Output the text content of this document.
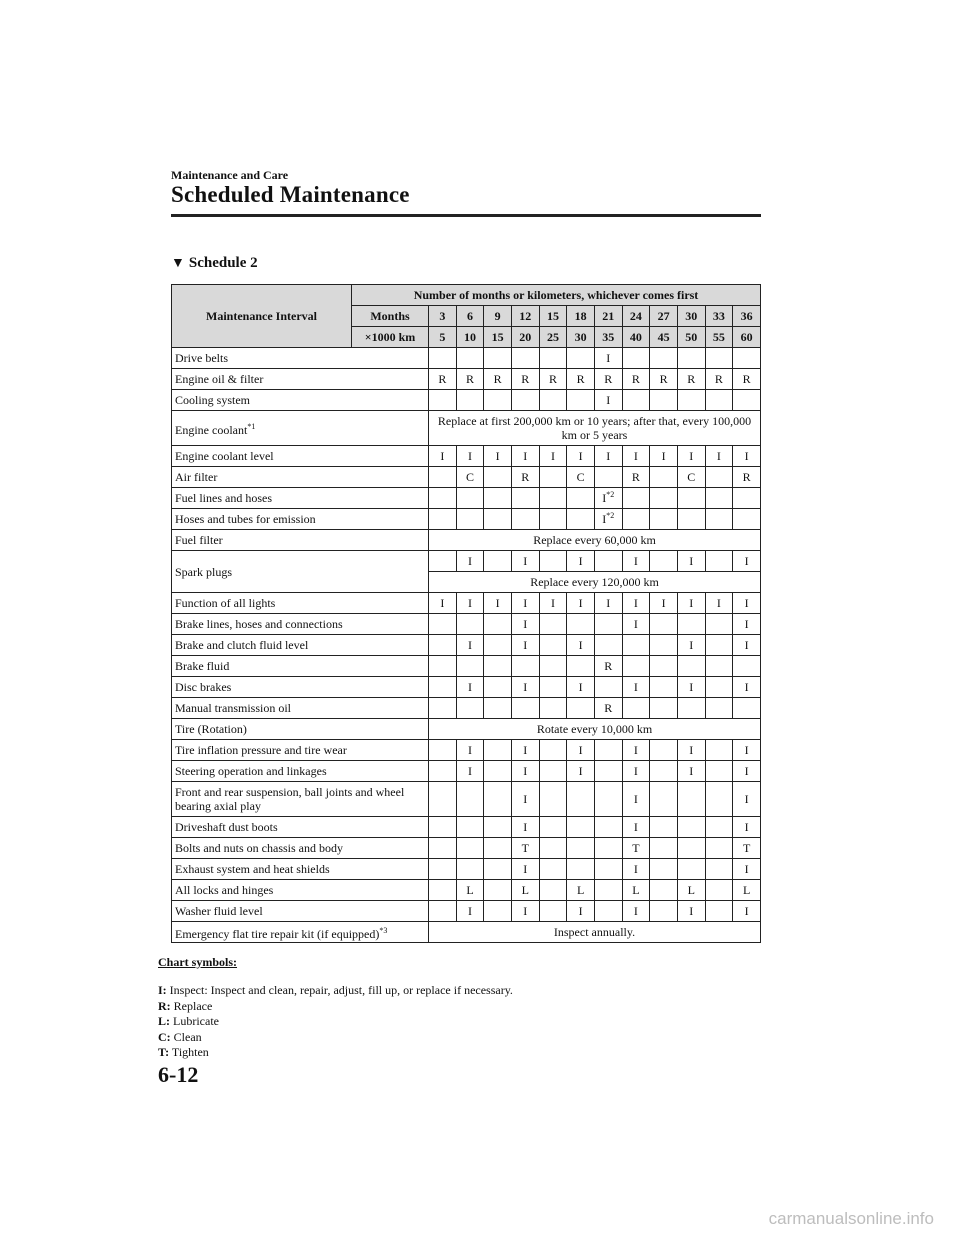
Maintenance and Care
Scheduled Maintenance
▼ Schedule 2
Maintenance Interval	Number of months or kilometers, whichever comes first												
	Months	3	6	9	12	15	18	21	24	27	30	33	36
	×1000 km	5	10	15	20	25	30	35	40	45	50	55	60
Drive belts								I					
Engine oil & filter		R	R	R	R	R	R	R	R	R	R	R	R
Cooling system								I					
Engine coolant$^{*1}$		Replace at first 200,000 km or 10 years; after that, every 100,000 km or 5 years											
Engine coolant level		I	I	I	I	I	I	I	I	I	I	I	I
Air filter			C		R		C		R		C		R
Fuel lines and hoses								$I^{*2}$					
Hoses and tubes for emission								$I^{*2}$					
Fuel filter		Replace every 60,000 km											
Spark plugs			I		I		I		I		I		I
		Replace every 120,000 km											
Function of all lights		I	I	I	I	I	I	I	I	I	I	I	I
Brake lines, hoses and connections					I				I				I
Brake and clutch fluid level			I		I		I				I		I
Brake fluid								R					
Disc brakes			I		I		I		I		I		I
Manual transmission oil								R					
Tire (Rotation)		Rotate every 10,000 km											
Tire inflation pressure and tire wear			I		I		I		I		I		I
Steering operation and linkages			I		I		I		I		I		I
Front and rear suspension, ball joints and wheel bearing axial play					I				I				I
Driveshaft dust boots					I				I				I
Bolts and nuts on chassis and body					T				T				T
Exhaust system and heat shields					I				I				I
All locks and hinges			L		L		L		L		L		L
Washer fluid level			I		I		I		I		I		I
Emergency flat tire repair kit (if equipped)$^{*3}$		Inspect annually.											
Chart symbols:
I: Inspect: Inspect and clean, repair, adjust, fill up, or replace if necessary.
R: Replace
L: Lubricate
C: Clean
T: Tighten
6-12
carmanualsonline.info
